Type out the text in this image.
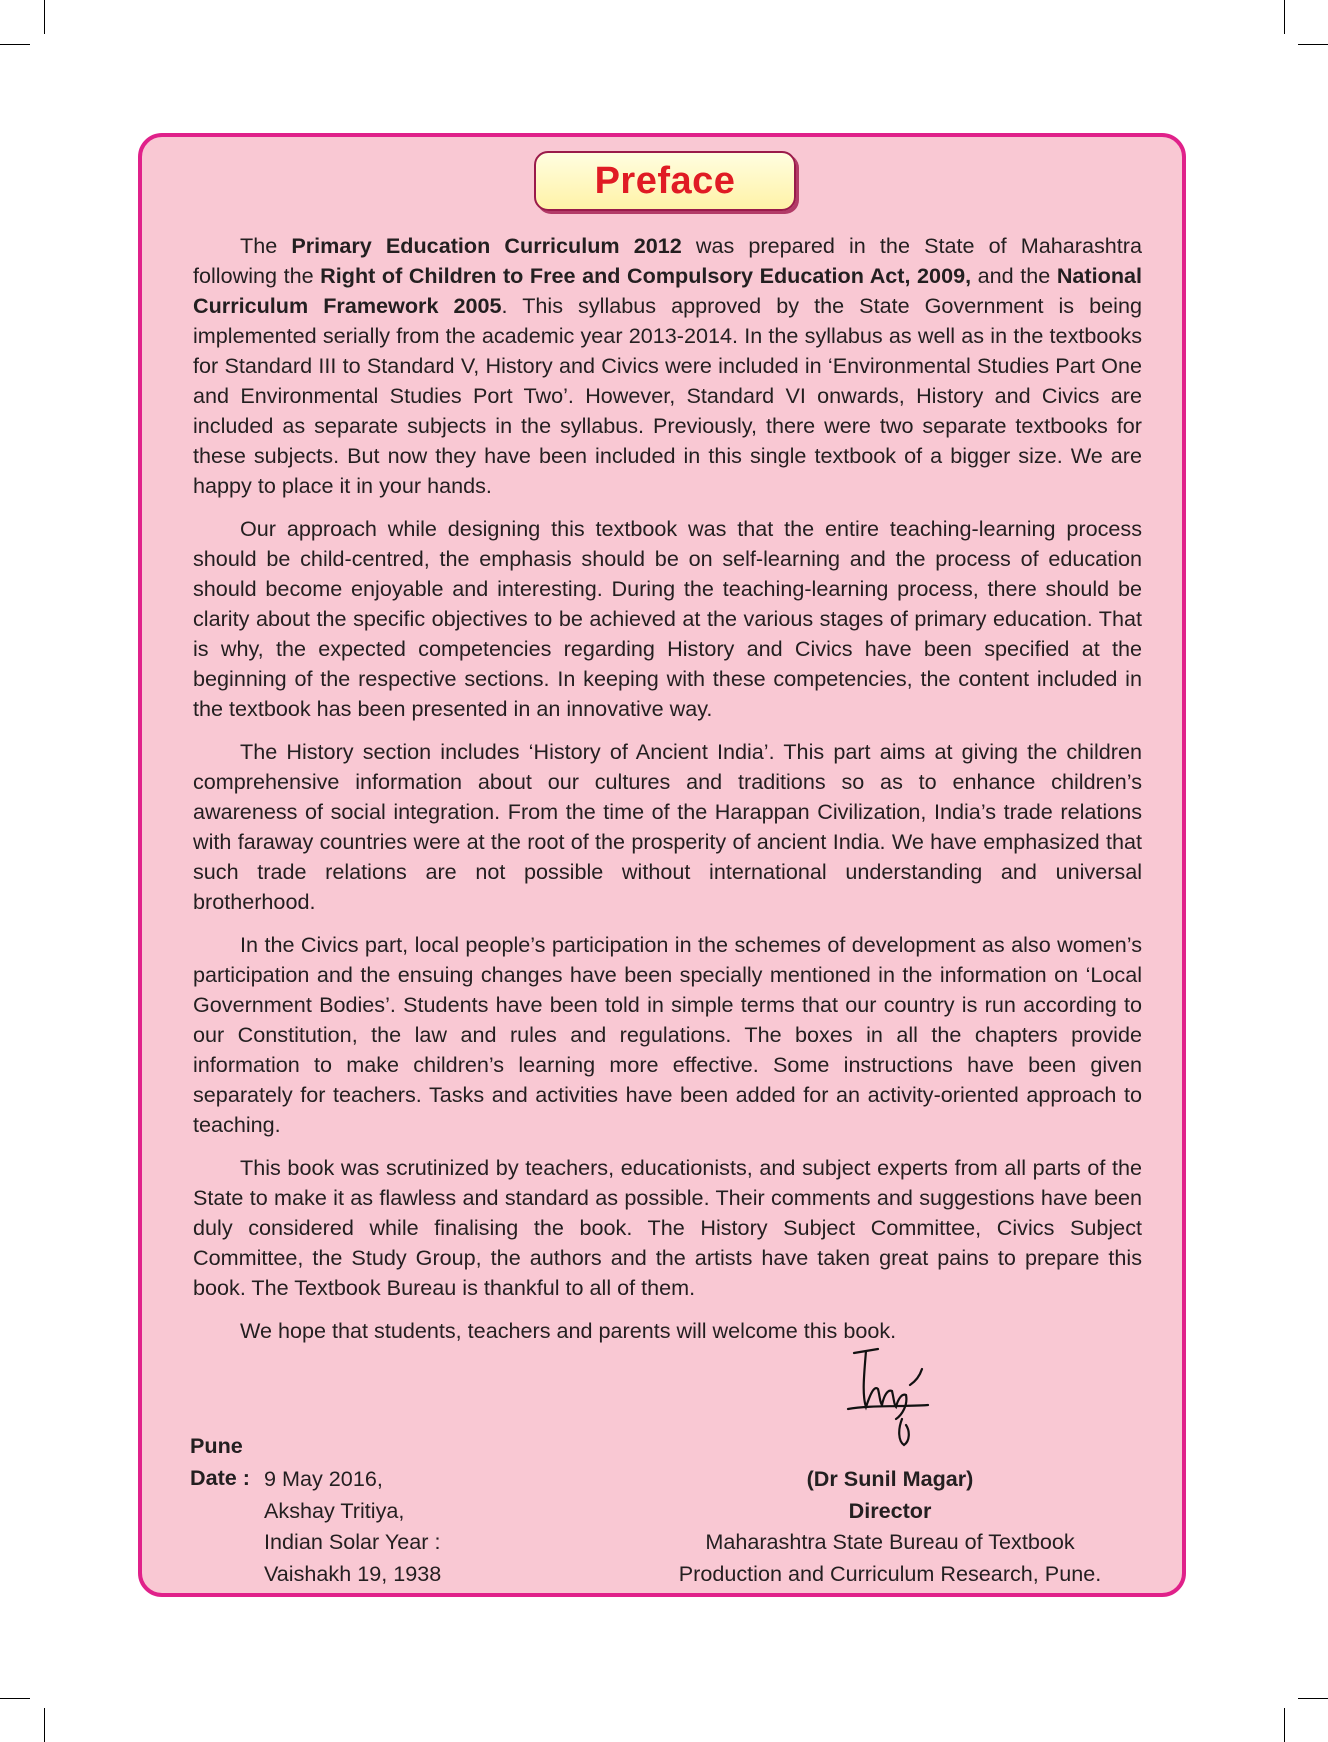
Preface

The Primary Education Curriculum 2012 was prepared in the State of Maharashtra following the Right of Children to Free and Compulsory Education Act, 2009, and the National Curriculum Framework 2005. This syllabus approved by the State Government is being implemented serially from the academic year 2013-2014. In the syllabus as well as in the textbooks for Standard III to Standard V, History and Civics were included in ‘Environmental Studies Part One and Environmental Studies Port Two’. However, Standard VI onwards, History and Civics are included as separate subjects in the syllabus. Previously, there were two separate textbooks for these subjects. But now they have been included in this single textbook of a bigger size. We are happy to place it in your hands.

Our approach while designing this textbook was that the entire teaching-learning process should be child-centred, the emphasis should be on self-learning and the process of education should become enjoyable and interesting. During the teaching-learning process, there should be clarity about the specific objectives to be achieved at the various stages of primary education. That is why, the expected competencies regarding History and Civics have been specified at the beginning of the respective sections. In keeping with these competencies, the content included in the textbook has been presented in an innovative way.

The History section includes ‘History of Ancient India’. This part aims at giving the children comprehensive information about our cultures and traditions so as to enhance children’s awareness of social integration. From the time of the Harappan Civilization, India’s trade relations with faraway countries were at the root of the prosperity of ancient India. We have emphasized that such trade relations are not possible without international understanding and universal brotherhood.

In the Civics part, local people’s participation in the schemes of development as also women’s participation and the ensuing changes have been specially mentioned in the information on ‘Local Government Bodies’. Students have been told in simple terms that our country is run according to our Constitution, the law and rules and regulations. The boxes in all the chapters provide information to make children’s learning more effective. Some instructions have been given separately for teachers. Tasks and activities have been added for an activity-oriented approach to teaching.

This book was scrutinized by teachers, educationists, and subject experts from all parts of the State to make it as flawless and standard as possible. Their comments and suggestions have been duly considered while finalising the book. The History Subject Committee, Civics Subject Committee, the Study Group, the authors and the artists have taken great pains to prepare this book. The Textbook Bureau is thankful to all of them.

We hope that students, teachers and parents will welcome this book.

Pune
Date : 9 May 2016,
Akshay Tritiya,
Indian Solar Year :
Vaishakh 19, 1938
(Dr Sunil Magar)
Director
Maharashtra State Bureau of Textbook
Production and Curriculum Research, Pune.
